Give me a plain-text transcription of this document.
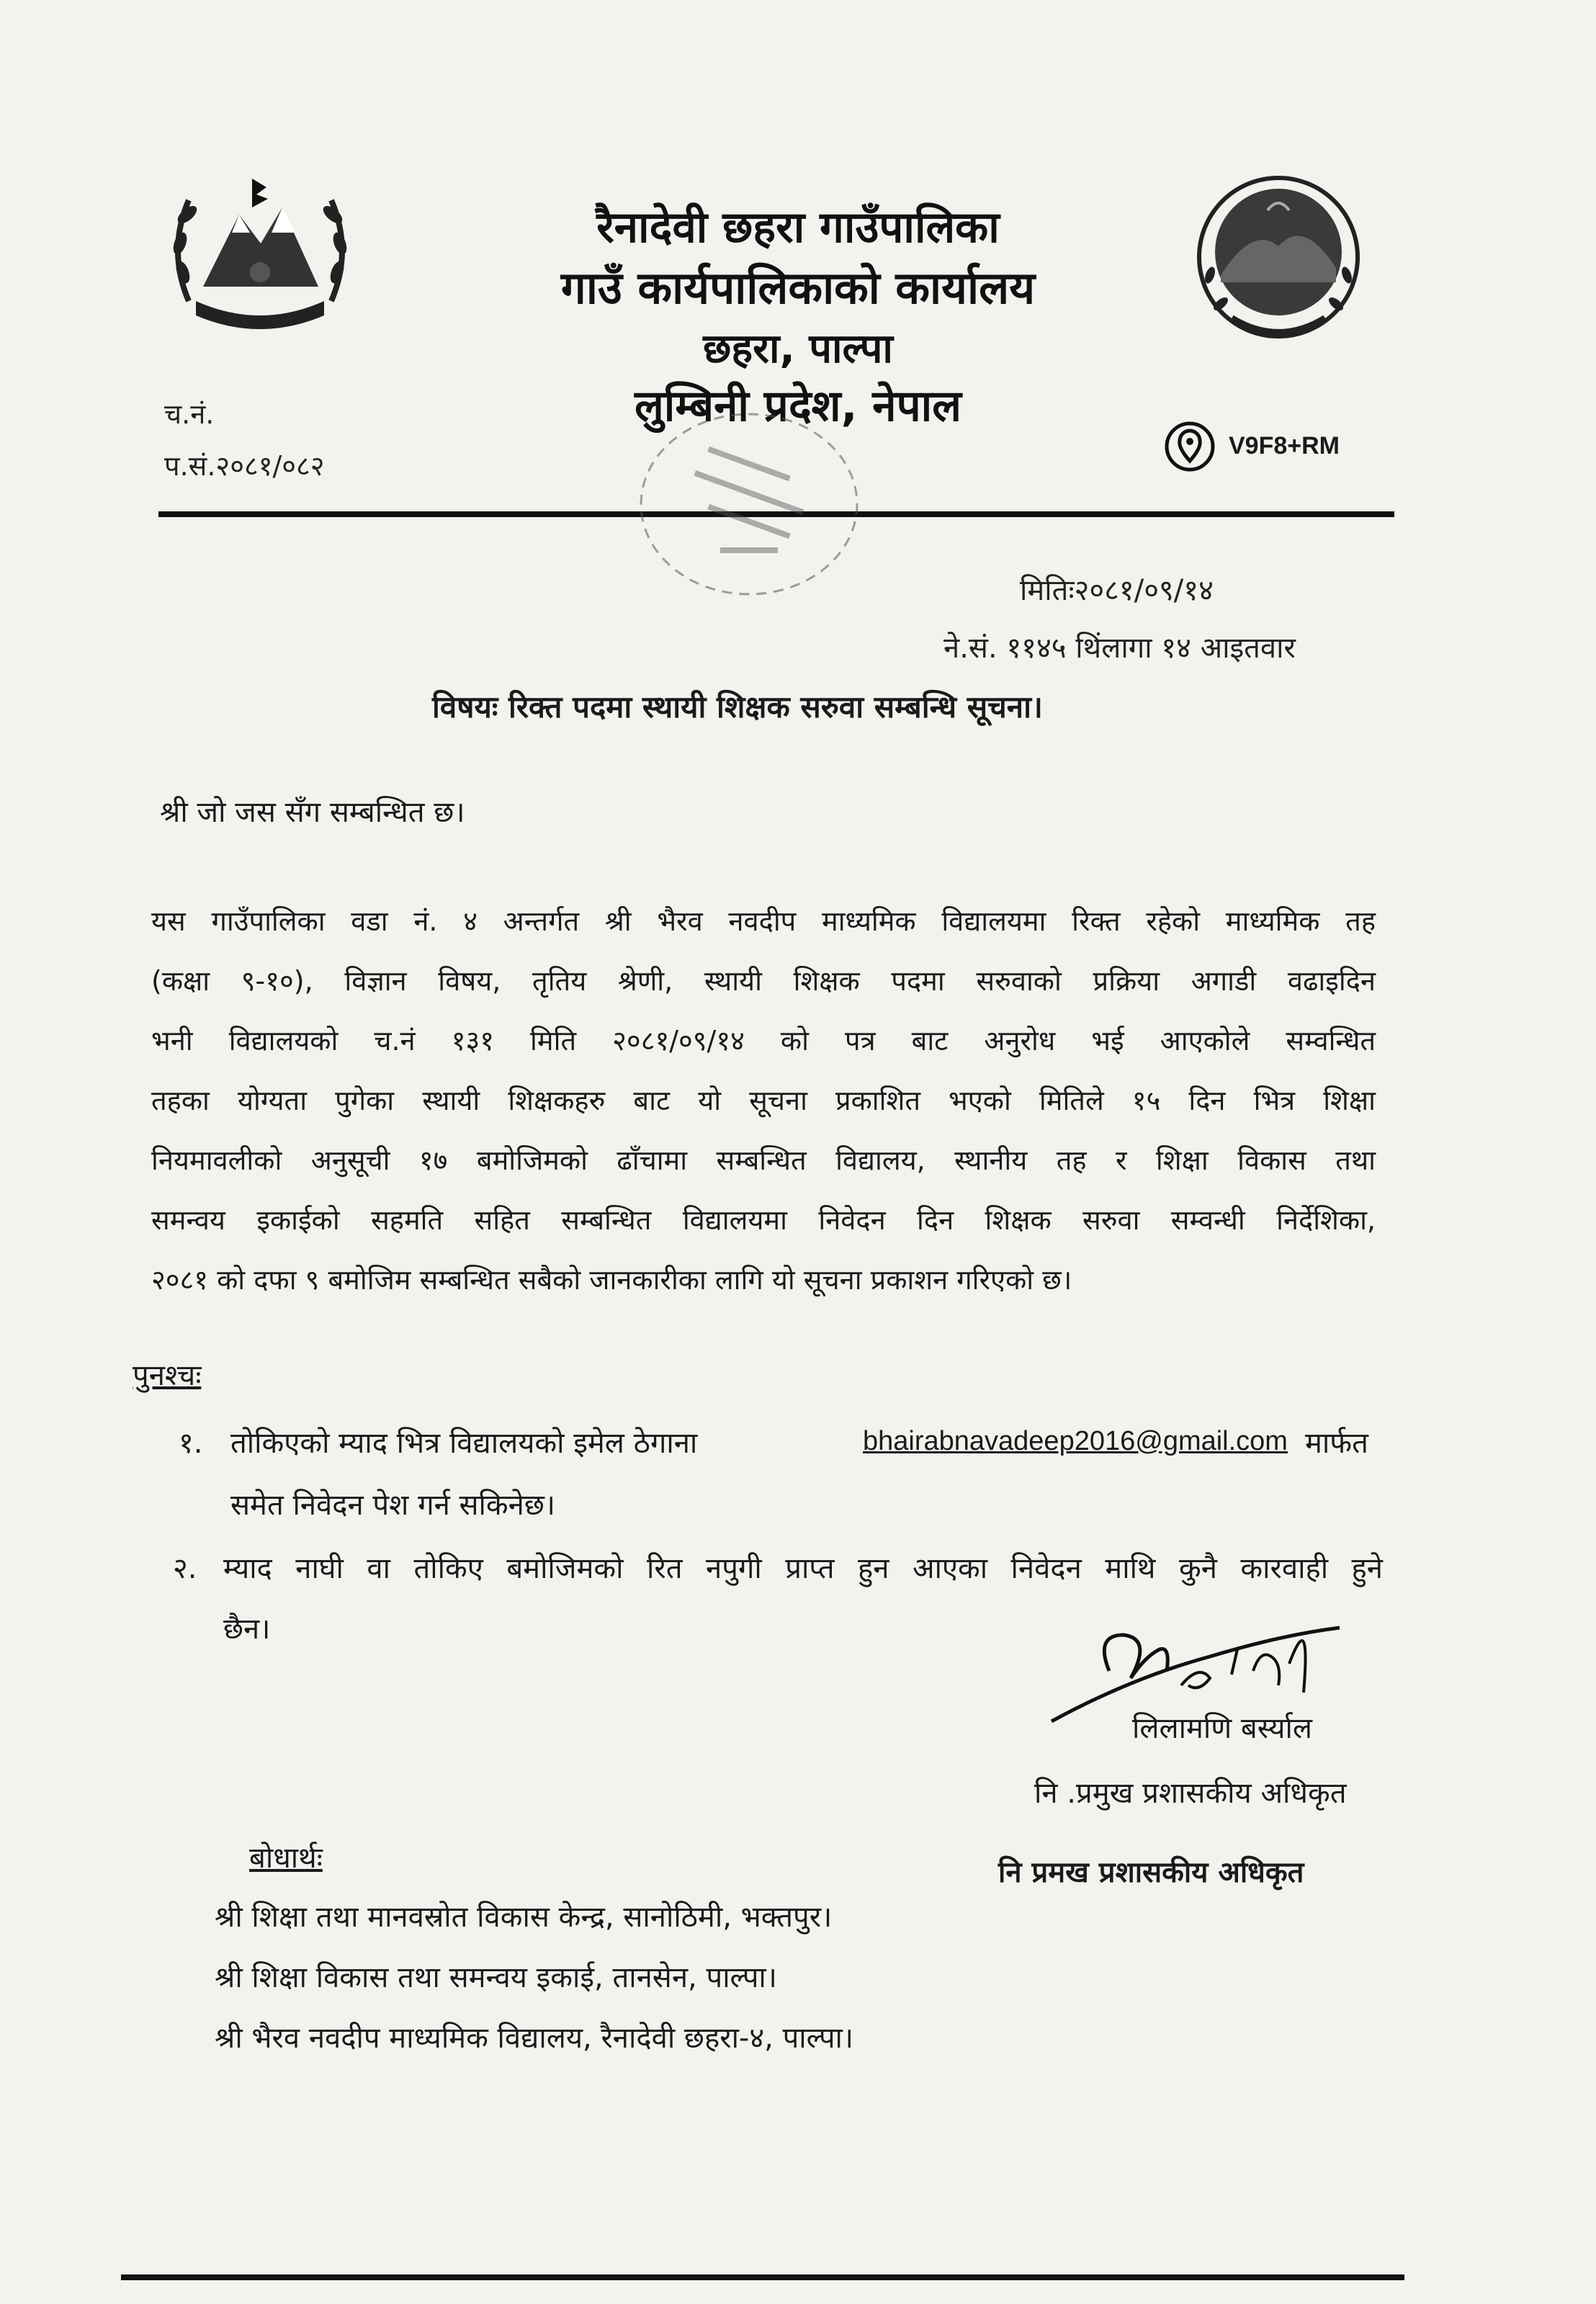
रैनादेवी छहरा गाउँपालिका
गाउँ कार्यपालिकाको कार्यालय
छहरा, पाल्पा
लुम्बिनी प्रदेश, नेपाल
च.नं.
प.सं.२०८१/०८२
V9F8+RM
मितिः२०८१/०९/१४
ने.सं. ११४५ थिंलागा १४ आइतवार
विषयः रिक्त पदमा स्थायी शिक्षक सरुवा सम्बन्धि सूचना।
श्री जो जस सँग सम्बन्धित छ।
यस गाउँपालिका वडा नं. ४ अन्तर्गत श्री भैरव नवदीप माध्यमिक विद्यालयमा रिक्त रहेको माध्यमिक तह
(कक्षा ९-१०), विज्ञान विषय, तृतिय श्रेणी, स्थायी शिक्षक पदमा सरुवाको प्रक्रिया अगाडी वढाइदिन
भनी विद्यालयको च.नं १३१ मिति २०८१/०९/१४ को पत्र बाट अनुरोध भई आएकोले सम्वन्धित
तहका योग्यता पुगेका स्थायी शिक्षकहरु बाट यो सूचना प्रकाशित भएको मितिले १५ दिन भित्र शिक्षा
नियमावलीको अनुसूची १७ बमोजिमको ढाँचामा सम्बन्धित विद्यालय, स्थानीय तह र शिक्षा विकास तथा
समन्वय इकाईको सहमति सहित सम्बन्धित विद्यालयमा निवेदन दिन शिक्षक सरुवा सम्वन्धी निर्देशिका,
२०८१ को दफा ९ बमोजिम सम्बन्धित सबैको जानकारीका लागि यो सूचना प्रकाशन गरिएको छ।
पुनश्चः
१. तोकिएको म्याद भित्र विद्यालयको इमेल ठेगाना	bhairabnavadeep2016@gmail.com मार्फत
समेत निवेदन पेश गर्न सकिनेछ।
२. म्याद नाघी वा तोकिए बमोजिमको रित नपुगी प्राप्त हुन आएका निवेदन माथि कुनै कारवाही हुने
छैन।
लिलामणि बर्स्याल
नि .प्रमुख प्रशासकीय अधिकृत
नि प्रमख प्रशासकीय अधिकृत
बोधार्थः
श्री शिक्षा तथा मानवस्रोत विकास केन्द्र, सानोठिमी, भक्तपुर।
श्री शिक्षा विकास तथा समन्वय इकाई, तानसेन, पाल्पा।
श्री भैरव नवदीप माध्यमिक विद्यालय, रैनादेवी छहरा-४, पाल्पा।
